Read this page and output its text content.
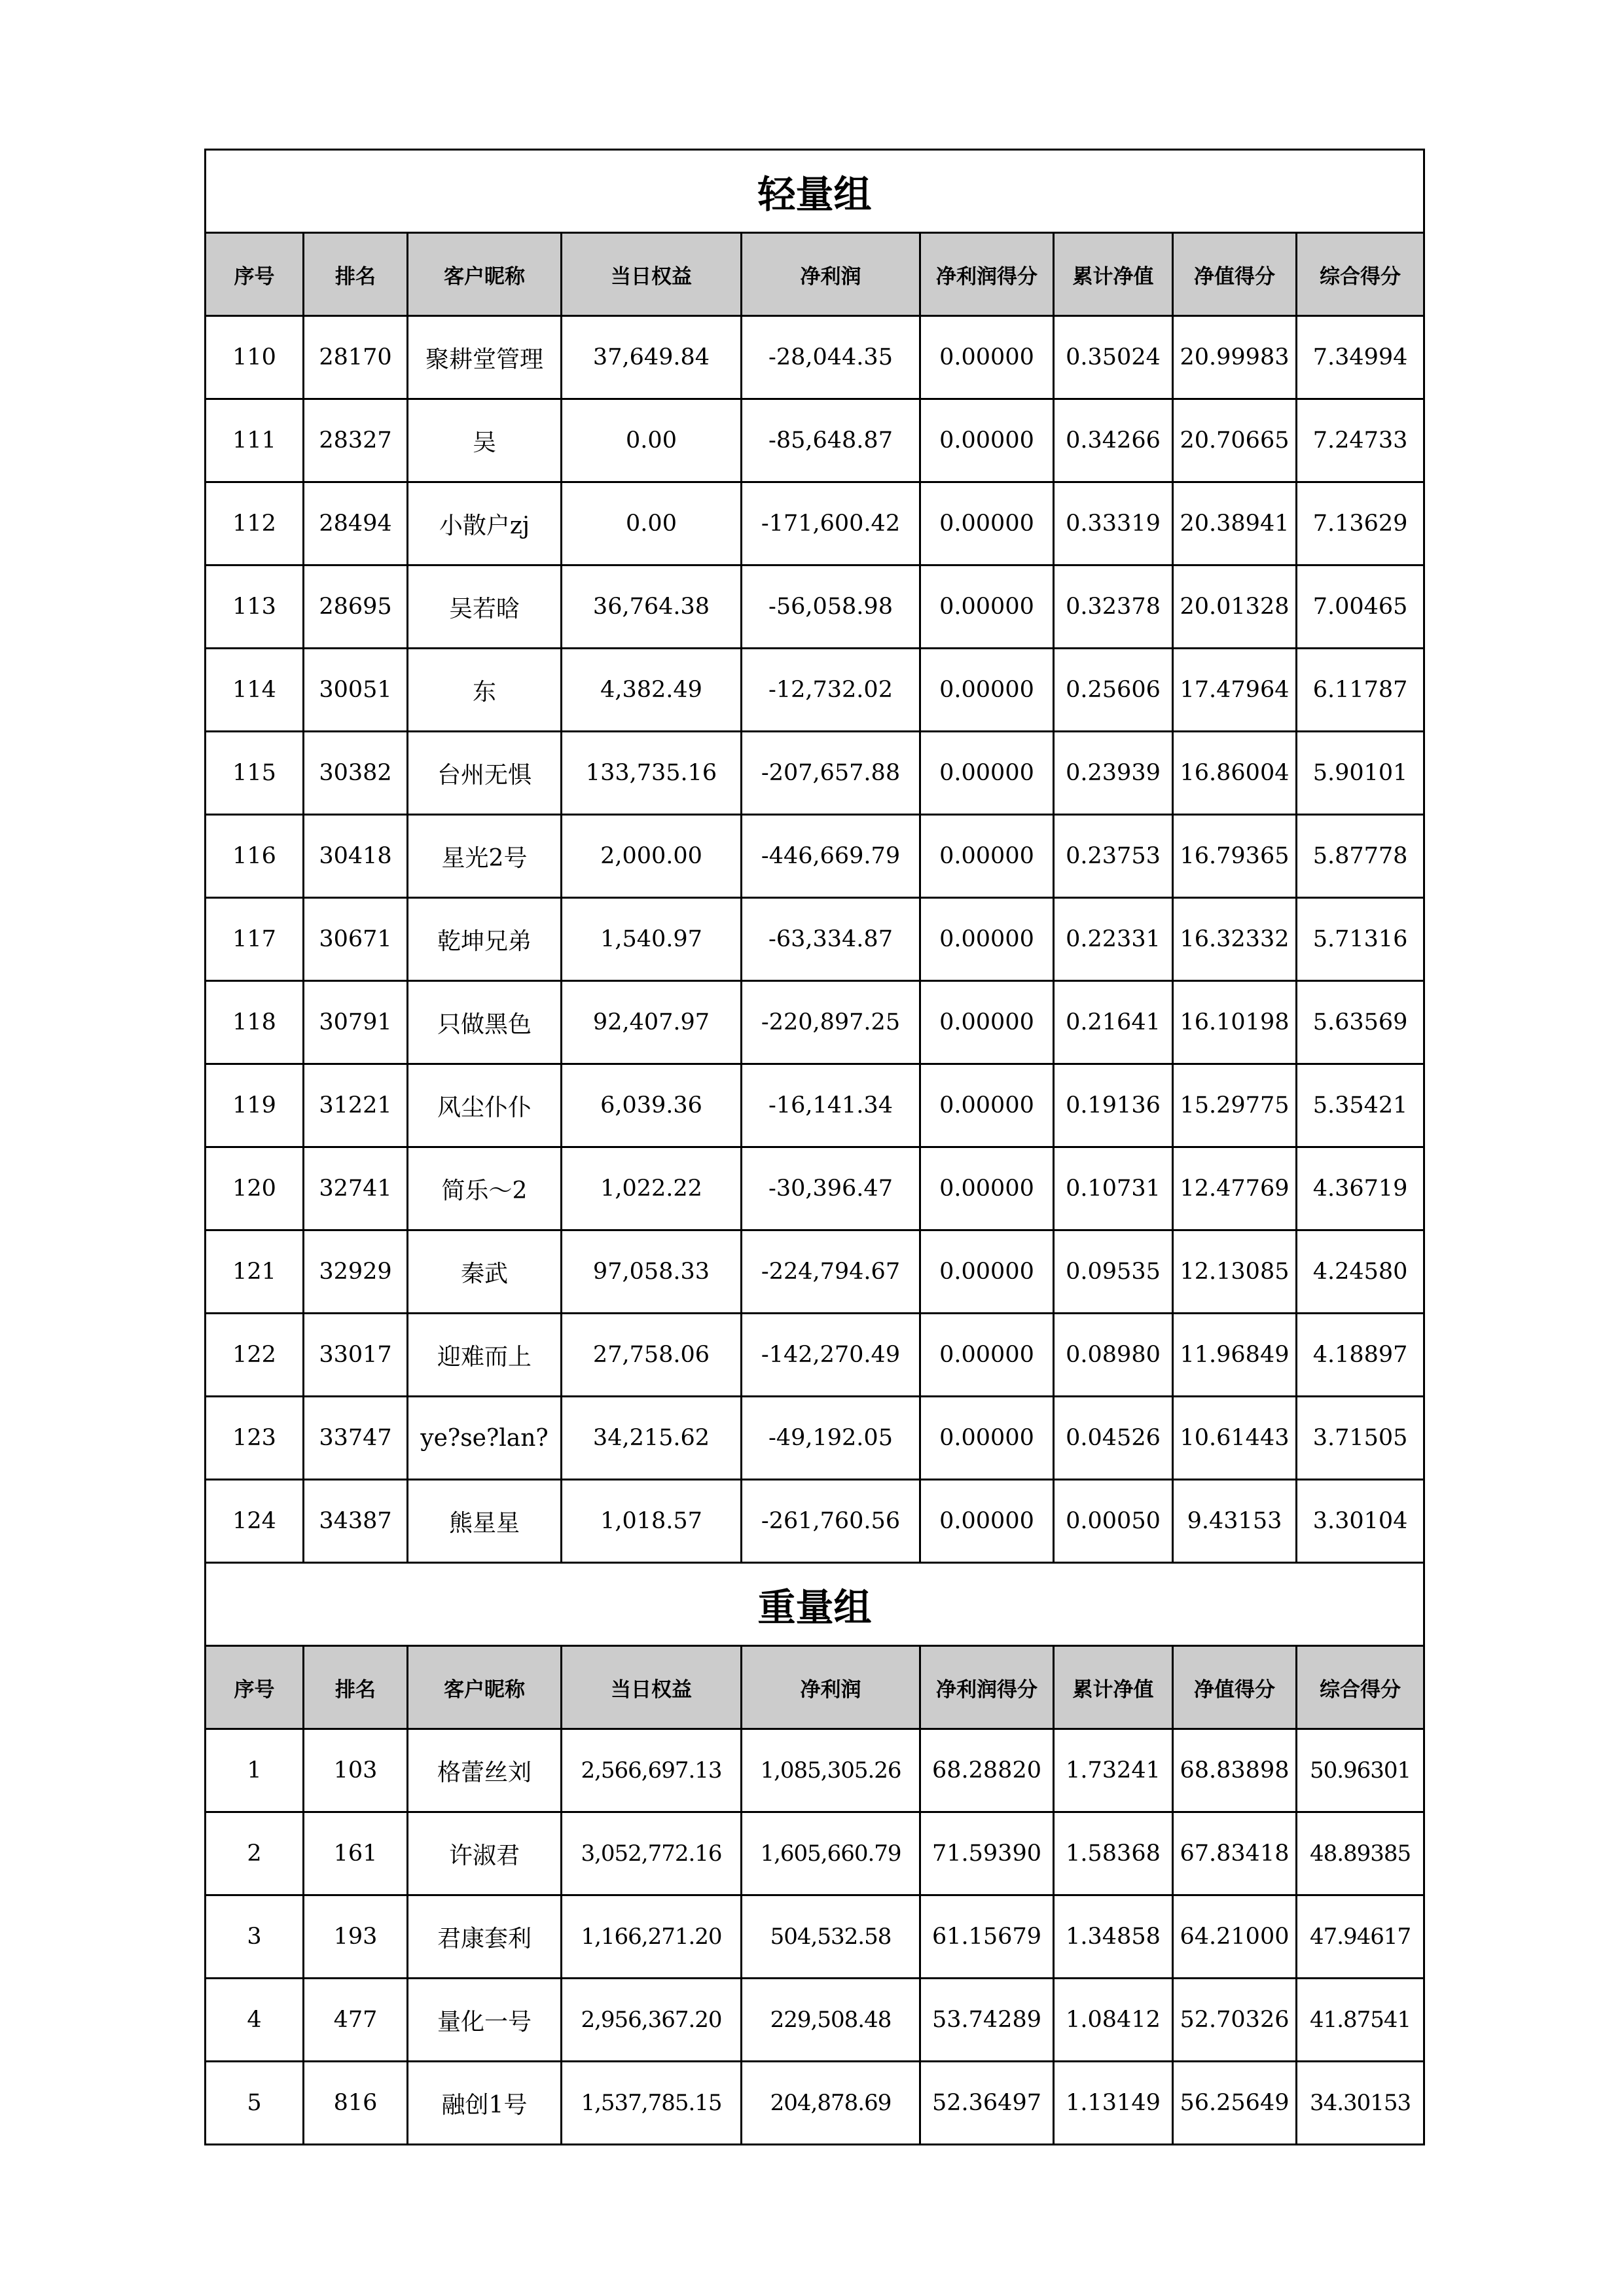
轻量组								
序号	排名	客户昵称	当日权益	净利润	净利润得分	累计净值	净值得分	综合得分
110	28170	聚耕堂管理	37,649.84	-28,044.35	0.00000	0.35024	20.99983	7.34994
111	28327	吴	0.00	-85,648.87	0.00000	0.34266	20.70665	7.24733
112	28494	小散户zj	0.00	-171,600.42	0.00000	0.33319	20.38941	7.13629
113	28695	吴若晗	36,764.38	-56,058.98	0.00000	0.32378	20.01328	7.00465
114	30051	东	4,382.49	-12,732.02	0.00000	0.25606	17.47964	6.11787
115	30382	台州无惧	133,735.16	-207,657.88	0.00000	0.23939	16.86004	5.90101
116	30418	星光2号	2,000.00	-446,669.79	0.00000	0.23753	16.79365	5.87778
117	30671	乾坤兄弟	1,540.97	-63,334.87	0.00000	0.22331	16.32332	5.71316
118	30791	只做黑色	92,407.97	-220,897.25	0.00000	0.21641	16.10198	5.63569
119	31221	风尘仆仆	6,039.36	-16,141.34	0.00000	0.19136	15.29775	5.35421
120	32741	简乐～2	1,022.22	-30,396.47	0.00000	0.10731	12.47769	4.36719
121	32929	秦武	97,058.33	-224,794.67	0.00000	0.09535	12.13085	4.24580
122	33017	迎难而上	27,758.06	-142,270.49	0.00000	0.08980	11.96849	4.18897
123	33747	ye?se?lan?	34,215.62	-49,192.05	0.00000	0.04526	10.61443	3.71505
124	34387	熊星星	1,018.57	-261,760.56	0.00000	0.00050	9.43153	3.30104
重量组								
序号	排名	客户昵称	当日权益	净利润	净利润得分	累计净值	净值得分	综合得分
1	103	格蕾丝刘	2,566,697.13	1,085,305.26	68.28820	1.73241	68.83898	50.96301
2	161	许淑君	3,052,772.16	1,605,660.79	71.59390	1.58368	67.83418	48.89385
3	193	君康套利	1,166,271.20	504,532.58	61.15679	1.34858	64.21000	47.94617
4	477	量化一号	2,956,367.20	229,508.48	53.74289	1.08412	52.70326	41.87541
5	816	融创1号	1,537,785.15	204,878.69	52.36497	1.13149	56.25649	34.30153
